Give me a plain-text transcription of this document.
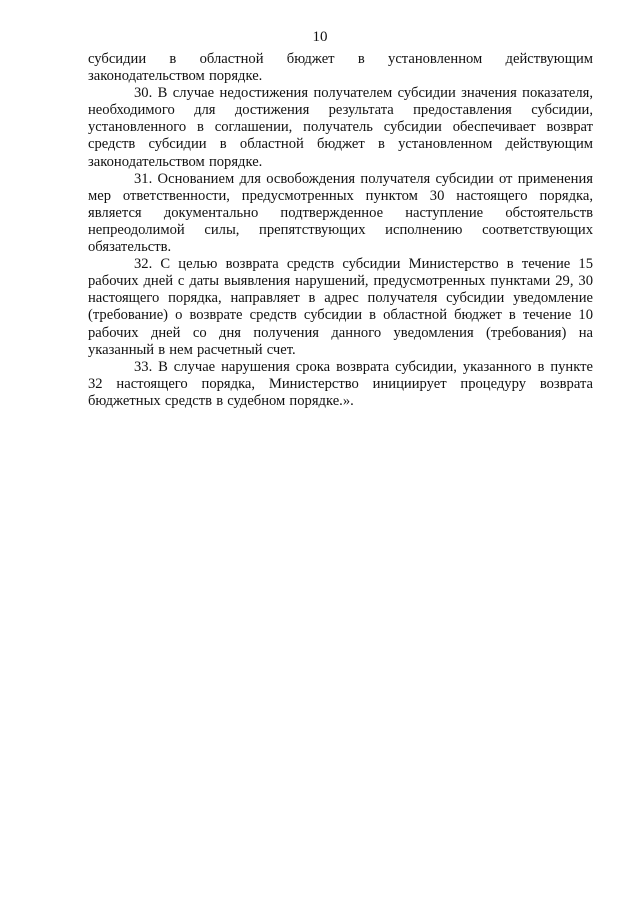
10

субсидии в областной бюджет в установленном действующим законодательством порядке.

30. В случае недостижения получателем субсидии значения показателя, необходимого для достижения результата предоставления субсидии, установленного в соглашении, получатель субсидии обеспечивает возврат средств субсидии в областной бюджет в установленном действующим законодательством порядке.

31. Основанием для освобождения получателя субсидии от применения мер ответственности, предусмотренных пунктом 30 настоящего порядка, является документально подтвержденное наступление обстоятельств непреодолимой силы, препятствующих исполнению соответствующих обязательств.

32. С целью возврата средств субсидии Министерство в течение 15 рабочих дней с даты выявления нарушений, предусмотренных пунктами 29, 30 настоящего порядка, направляет в адрес получателя субсидии уведомление (требование) о возврате средств субсидии в областной бюджет в течение 10 рабочих дней со дня получения данного уведомления (требования) на указанный в нем расчетный счет.

33. В случае нарушения срока возврата субсидии, указанного в пункте 32 настоящего порядка, Министерство инициирует процедуру возврата бюджетных средств в судебном порядке.».
